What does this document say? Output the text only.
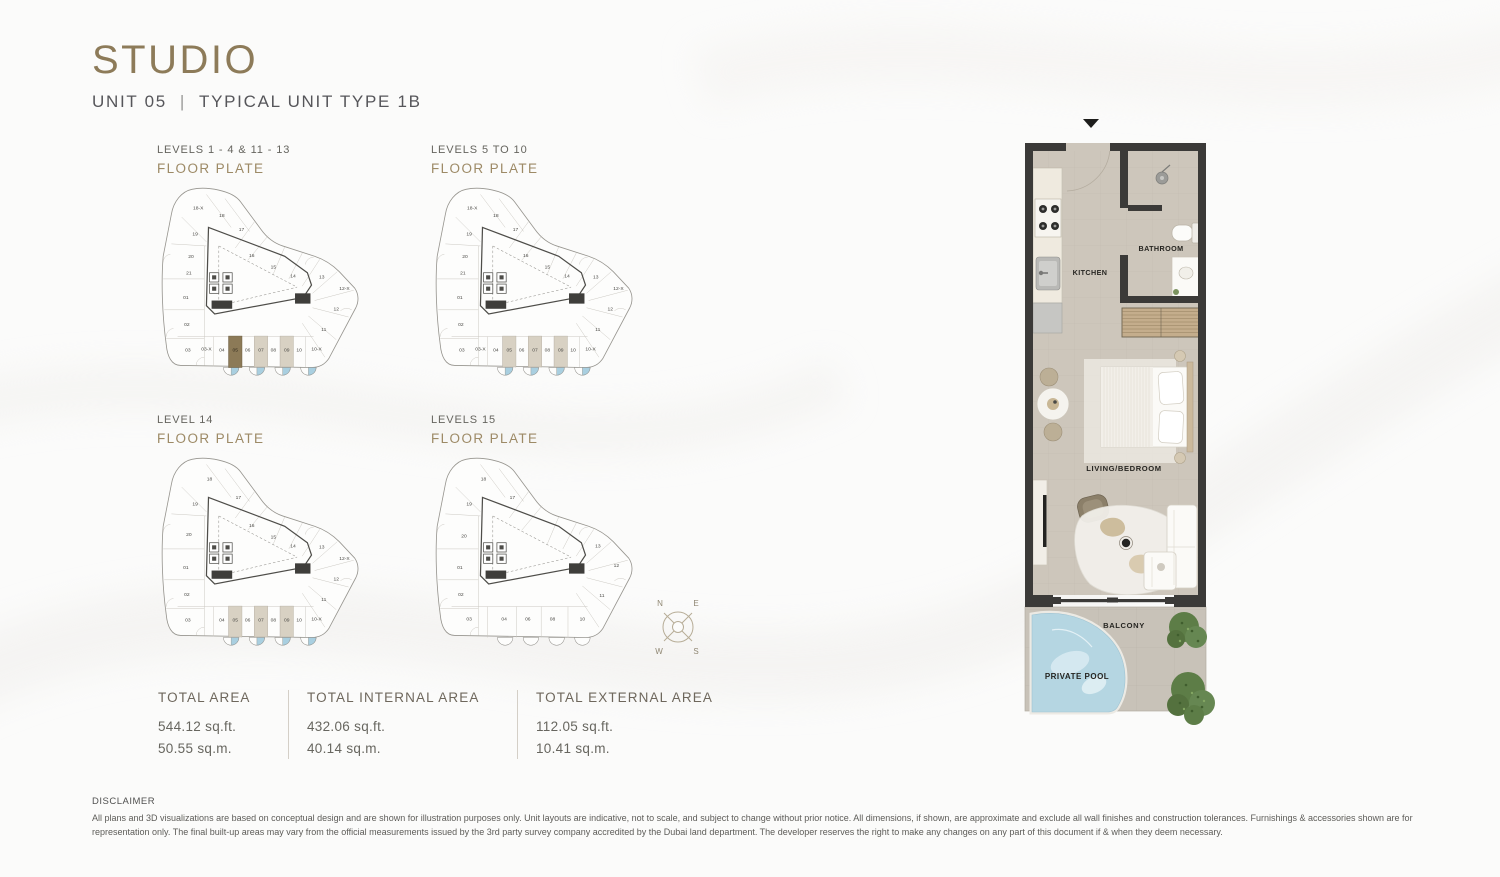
STUDIO
UNIT 05 | TYPICAL UNIT TYPE 1B
LEVELS 1 - 4 & 11 - 13
FLOOR PLATE
18-X
18
17
19
16
15
20
21
14	13
12-X
01
12
02
11
03 03-X 04 05 06 07 08 09 10 10-X
LEVELS 5 TO 10
FLOOR PLATE
18-X
18
17
19
16
15
20
21
14	13
12-X
01
12
02
11
03 03-X 04 05 06 07 08 09 10 10-X
LEVEL 14
FLOOR PLATE
18
17
19
16
15
20
14	13
12-X
01
12
02
11
03	04 05 06 07 08 09 10 10-X
LEVELS 15
FLOOR PLATE
18
17
19
20
13
01	12
02	11
03	04	06	08	10
N	E
W	S
TOTAL AREA
544.12 sq.ft.
50.55 sq.m.
TOTAL INTERNAL AREA
432.06 sq.ft.
40.14 sq.m.
TOTAL EXTERNAL AREA
112.05 sq.ft.
10.41 sq.m.
DISCLAIMER
All plans and 3D visualizations are based on conceptual design and are shown for illustration purposes only. Unit layouts are indicative, not to scale, and subject to change without prior notice. All dimensions, if shown, are approximate and exclude all wall finishes and construction tolerances. Furnishings & accessories shown are for representation only. The final built-up areas may vary from the official measurements issued by the 3rd party survey company accredited by the Dubai land department. The developer reserves the right to make any changes on any part of this document if & when they deem necessary.
KITCHEN
BATHROOM
LIVING/BEDROOM
BALCONY
PRIVATE POOL
